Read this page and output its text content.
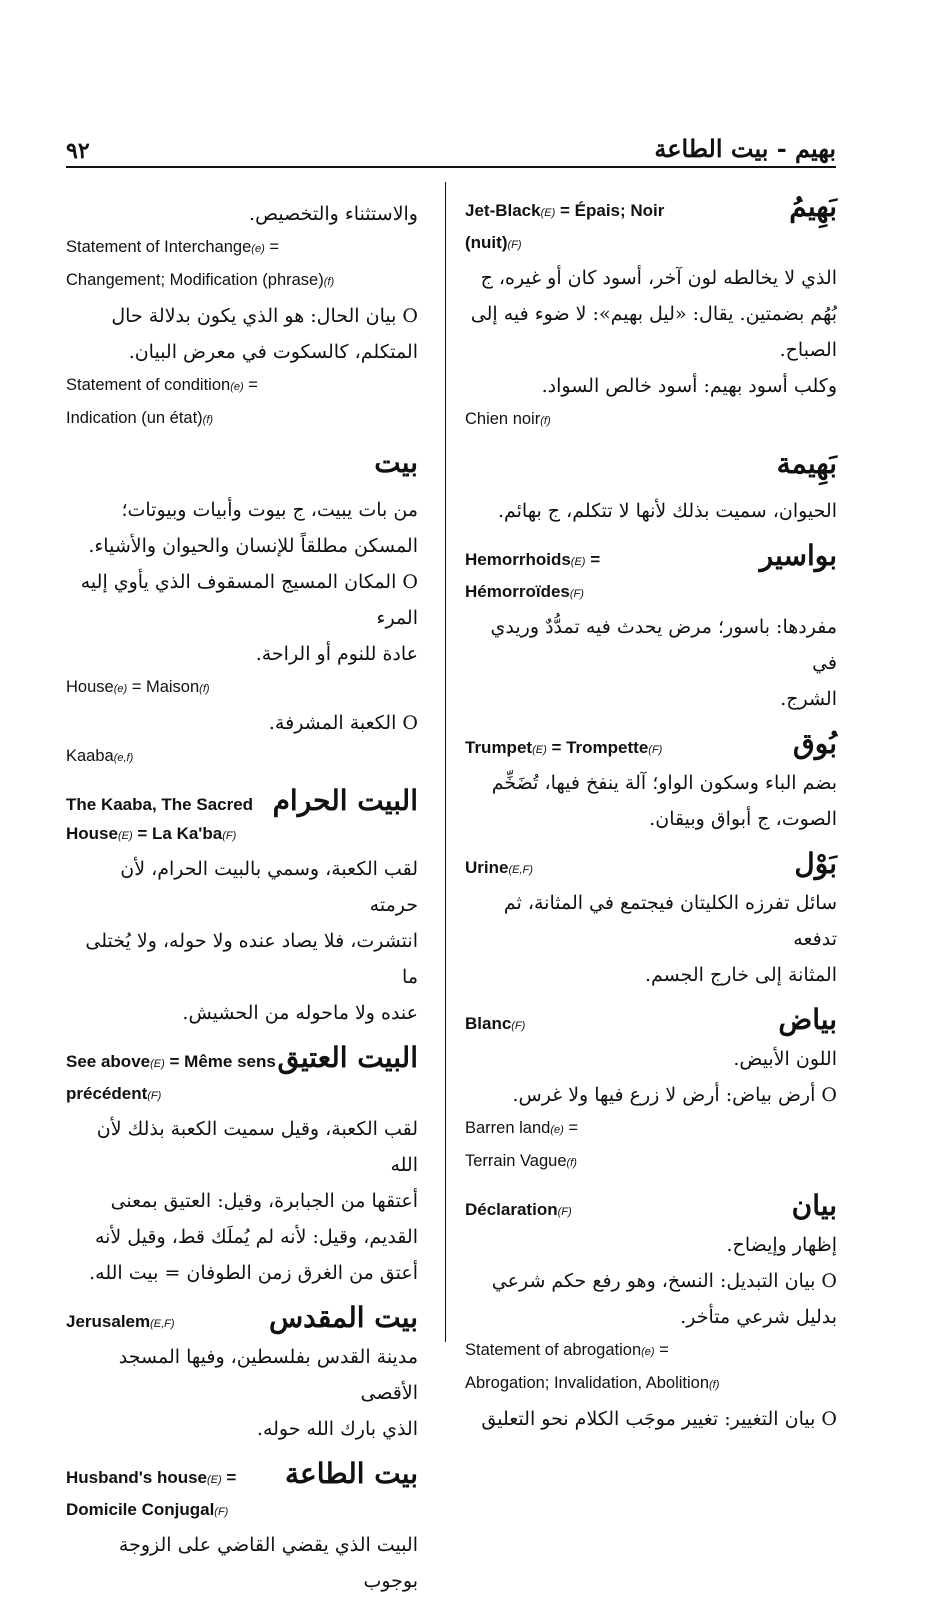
٩٢	بهيم - بيت الطاعة
بَهِيمُ
Jet-Black(E) = Épais; Noir (nuit)(F)
الذي لا يخالطه لون آخر، أسود كان أو غيره، ج
بُهُم بضمتين. يقال: «ليل بهيم»: لا ضوء فيه إلى
الصباح.
وكلب أسود بهيم: أسود خالص السواد.
Chien noir(f)
بَهِيمة
الحيوان، سميت بذلك لأنها لا تتكلم، ج بهائم.
بواسير
Hemorrhoids(E) = Hémorroïdes(F)
مفردها: باسور؛ مرض يحدث فيه تمدُّدٌ وريدي في
الشرج.
بُوق
Trumpet(E) = Trompette(F)
بضم الباء وسكون الواو؛ آلة ينفخ فيها، تُضَخِّم
الصوت، ج أبواق وبيقان.
بَوْل
Urine(E,F)
سائل تفرزه الكليتان فيجتمع في المثانة، ثم تدفعه
المثانة إلى خارج الجسم.
بياض
Blanc(F)
اللون الأبيض.
O أرض بياض: أرض لا زرع فيها ولا غرس.
Barren land(e) =
Terrain Vague(f)
بيان
Déclaration(F)
إظهار وإيضاح.
O بيان التبديل: النسخ، وهو رفع حكم شرعي
بدليل شرعي متأخر.
Statement of abrogation(e) =
Abrogation; Invalidation, Abolition(f)
O بيان التغيير: تغيير موجَب الكلام نحو التعليق
والاستثناء والتخصيص.
Statement of Interchange(e) =
Changement; Modification (phrase)(f)
O بيان الحال: هو الذي يكون بدلالة حال
المتكلم، كالسكوت في معرض البيان.
Statement of condition(e) =
Indication (un état)(f)
بيت
من بات يبيت، ج بيوت وأبيات وبيوتات؛
المسكن مطلقاً للإنسان والحيوان والأشياء.
O المكان المسيج المسقوف الذي يأوي إليه المرء
عادة للنوم أو الراحة.
House(e) = Maison(f)
O الكعبة المشرفة.
Kaaba(e,f)
البيت الحرام
The Kaaba, The Sacred House(E) = La Ka'ba(F)
لقب الكعبة، وسمي بالبيت الحرام، لأن حرمته
انتشرت، فلا يصاد عنده ولا حوله، ولا يُختلى ما
عنده ولا ماحوله من الحشيش.
البيت العتيق
See above(E) = Même sens précédent(F)
لقب الكعبة، وقيل سميت الكعبة بذلك لأن الله
أعتقها من الجبابرة، وقيل: العتيق بمعنى
القديم، وقيل: لأنه لم يُملَك قط، وقيل لأنه
أعتق من الغرق زمن الطوفان = بيت الله.
بيت المقدس
Jerusalem(E,F)
مدينة القدس بفلسطين، وفيها المسجد الأقصى
الذي بارك الله حوله.
بيت الطاعة
Husband's house(E) = Domicile Conjugal(F)
البيت الذي يقضي القاضي على الزوجة بوجوب
